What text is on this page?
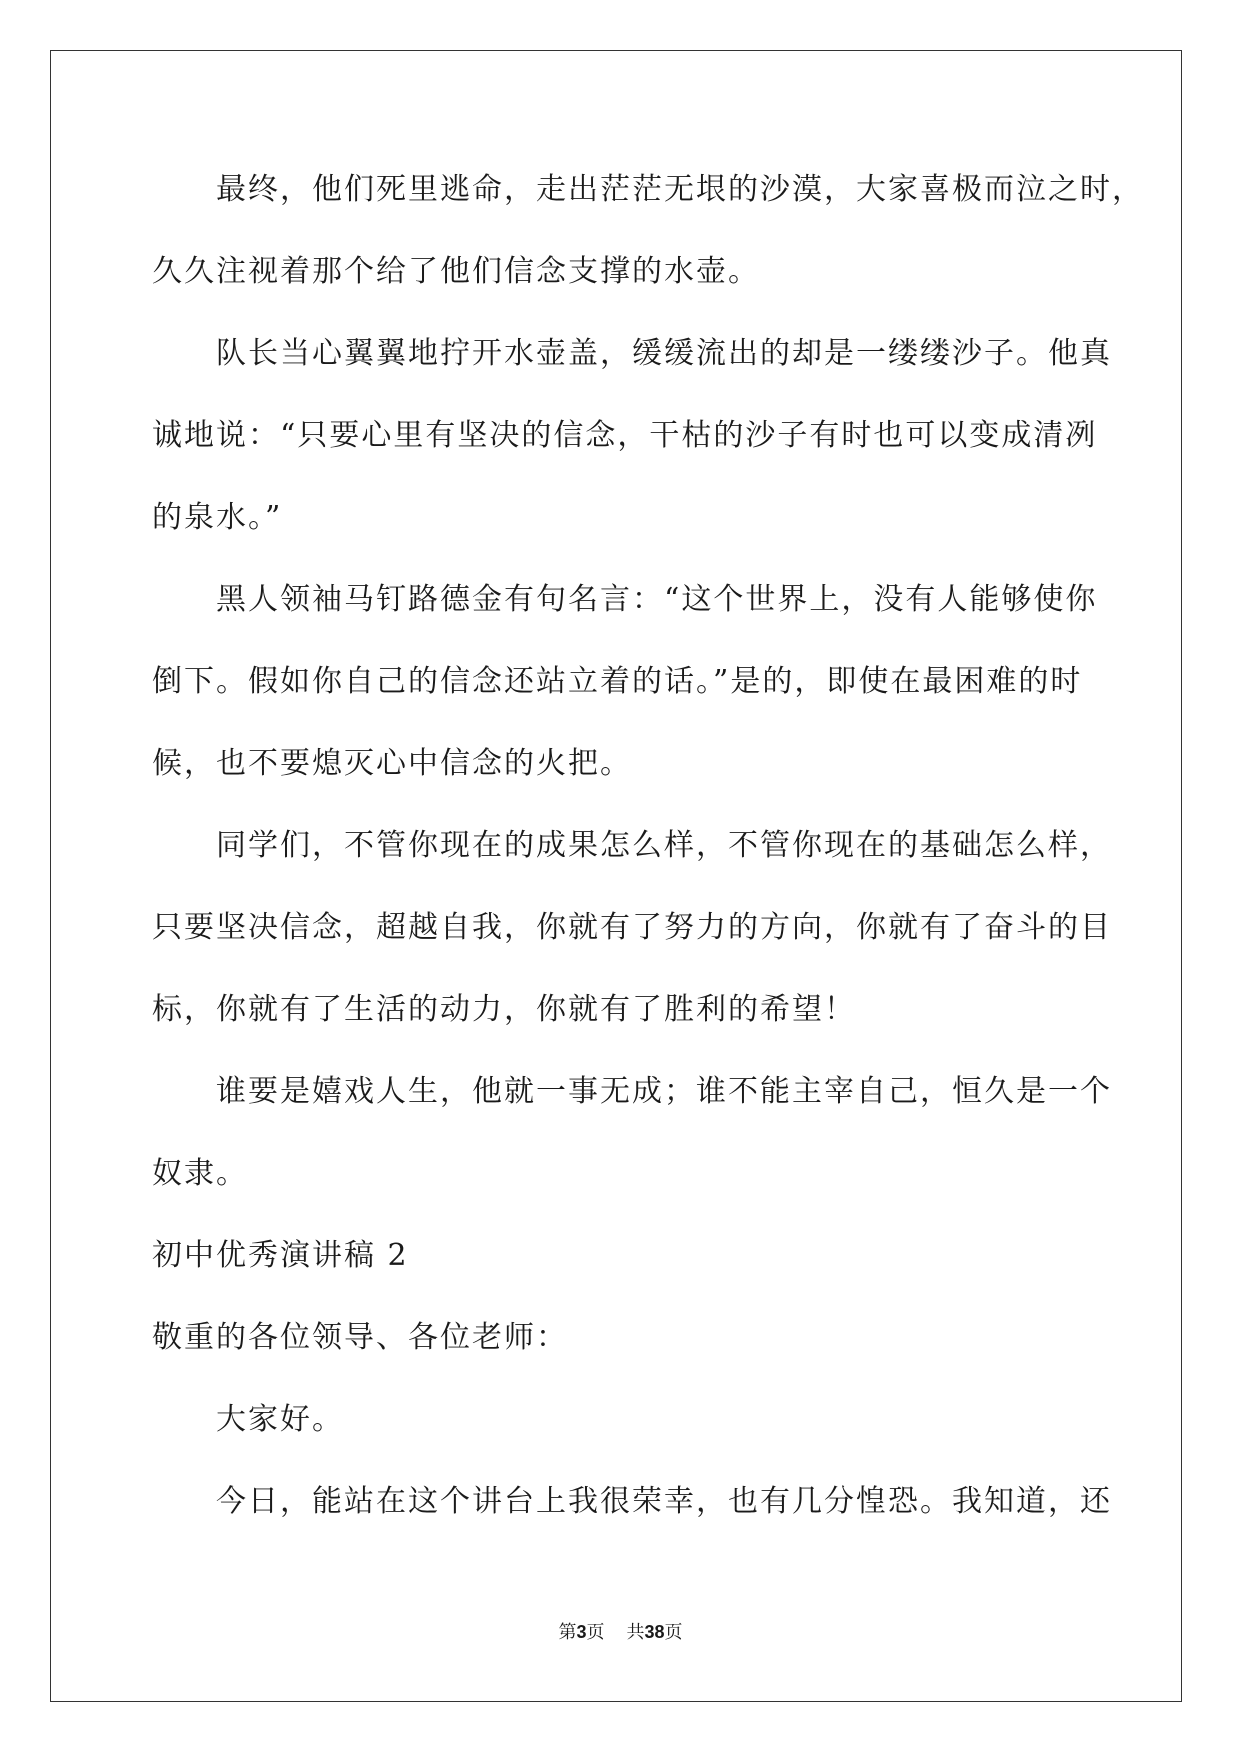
最终，他们死里逃命，走出茫茫无垠的沙漠，大家喜极而泣之时，
久久注视着那个给了他们信念支撑的水壶。
队长当心翼翼地拧开水壶盖，缓缓流出的却是一缕缕沙子。他真
诚地说：“只要心里有坚决的信念，干枯的沙子有时也可以变成清冽
的泉水。”
黑人领袖马钉路德金有句名言：“这个世界上，没有人能够使你
倒下。假如你自己的信念还站立着的话。”是的，即使在最困难的时
候，也不要熄灭心中信念的火把。
同学们，不管你现在的成果怎么样，不管你现在的基础怎么样，
只要坚决信念，超越自我，你就有了努力的方向，你就有了奋斗的目
标，你就有了生活的动力，你就有了胜利的希望！
谁要是嬉戏人生，他就一事无成；谁不能主宰自己，恒久是一个
奴隶。
初中优秀演讲稿 2
敬重的各位领导、各位老师：
大家好。
今日，能站在这个讲台上我很荣幸，也有几分惶恐。我知道，还
第3页 共38页
